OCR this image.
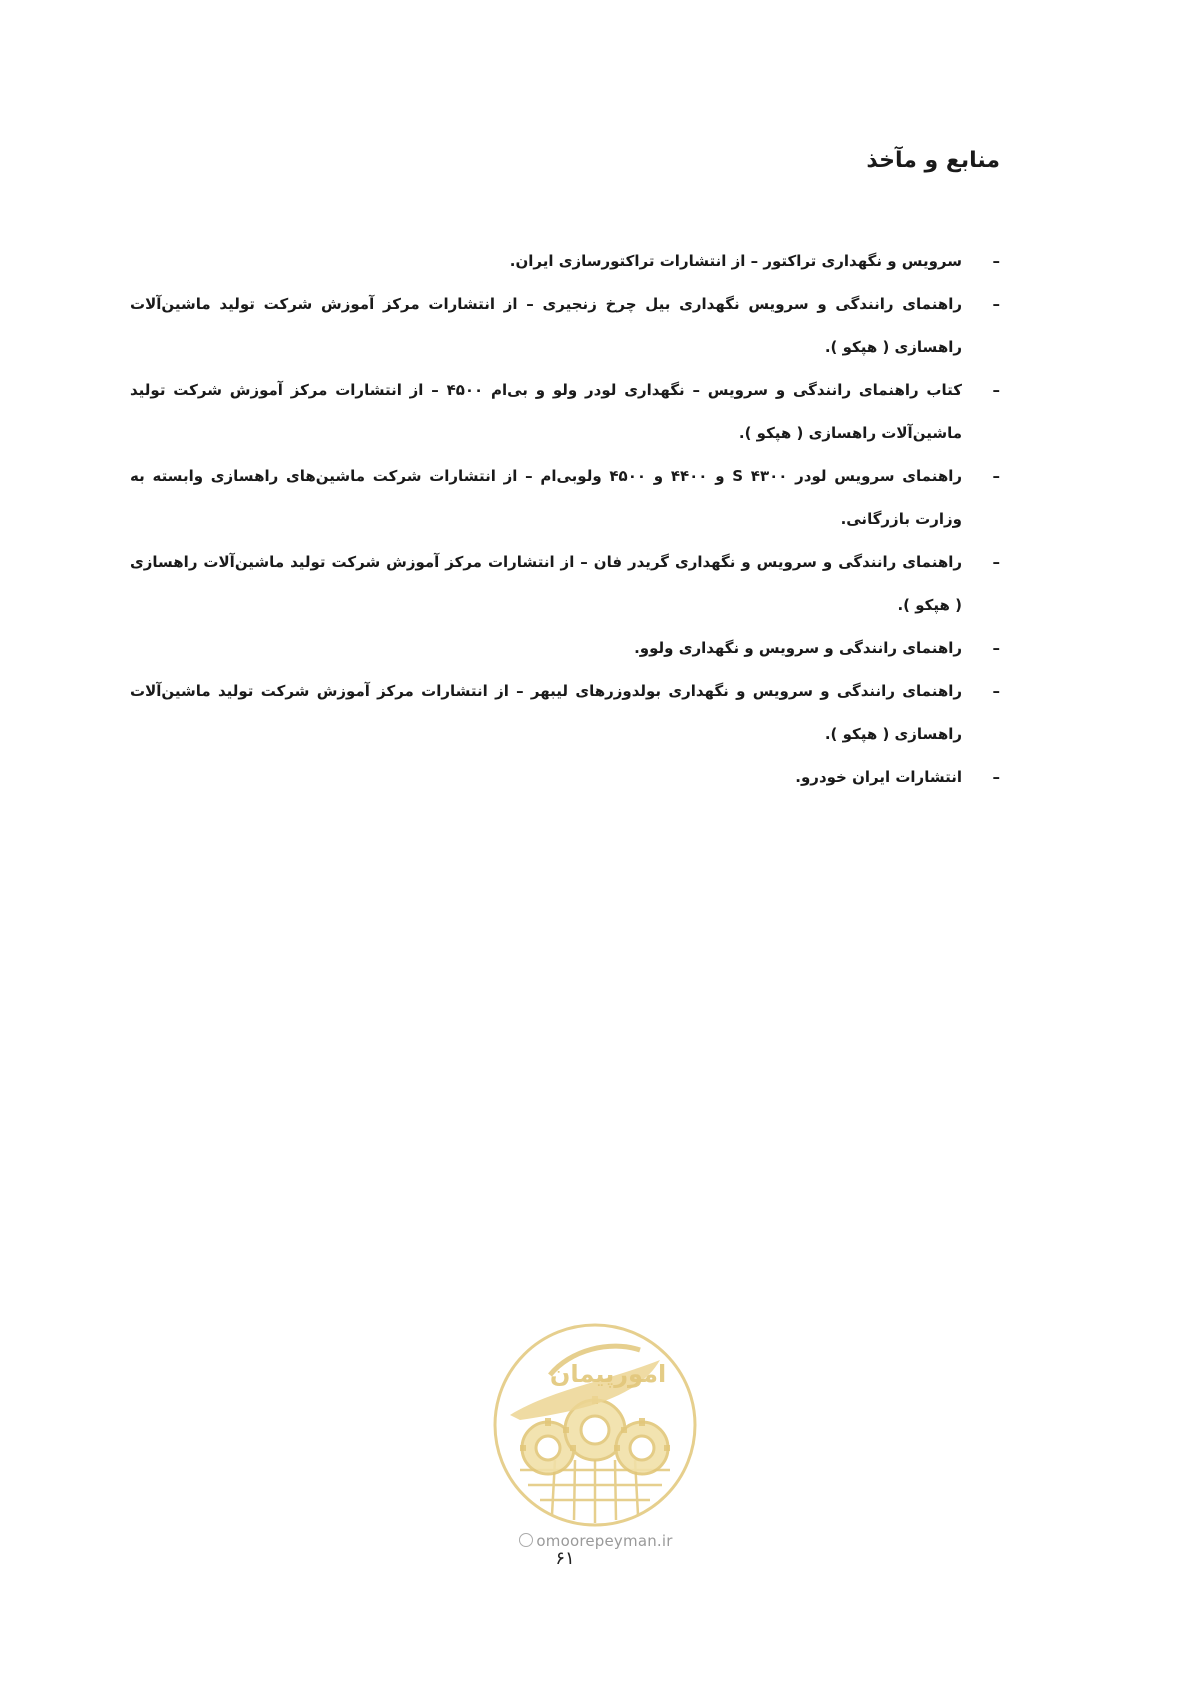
منابع و مآخذ
–
سرویس و نگهداری تراکتور – از انتشارات تراکتورسازی ایران.
–
راهنمای رانندگی و سرویس نگهداری بیل چرخ زنجیری – از انتشارات مرکز آموزش شرکت تولید ماشین‌آلات راهسازی ( هپکو ).
–
کتاب راهنمای رانندگی و سرویس – نگهداری لودر ولو و بی‌ام ۴۵۰۰ – از انتشارات مرکز آموزش شرکت تولید ماشین‌آلات راهسازی ( هپکو ).
–
راهنمای سرویس لودر S ۴۳۰۰ و ۴۴۰۰ و ۴۵۰۰ ولوبی‌ام – از انتشارات شرکت ماشین‌های راهسازی وابسته به وزارت بازرگانی.
–
راهنمای رانندگی و سرویس و نگهداری گریدر فان – از انتشارات مرکز آموزش شرکت تولید ماشین‌آلات راهسازی ( هپکو ).
–
راهنمای رانندگی و سرویس و نگهداری ولوو.
–
راهنمای رانندگی و سرویس و نگهداری بولدوزرهای لیبهر – از انتشارات مرکز آموزش شرکت تولید ماشین‌آلات راهسازی ( هپکو ).
–
انتشارات ایران خودرو.
امورپیمان
omoorepeyman.ir
۶۱
